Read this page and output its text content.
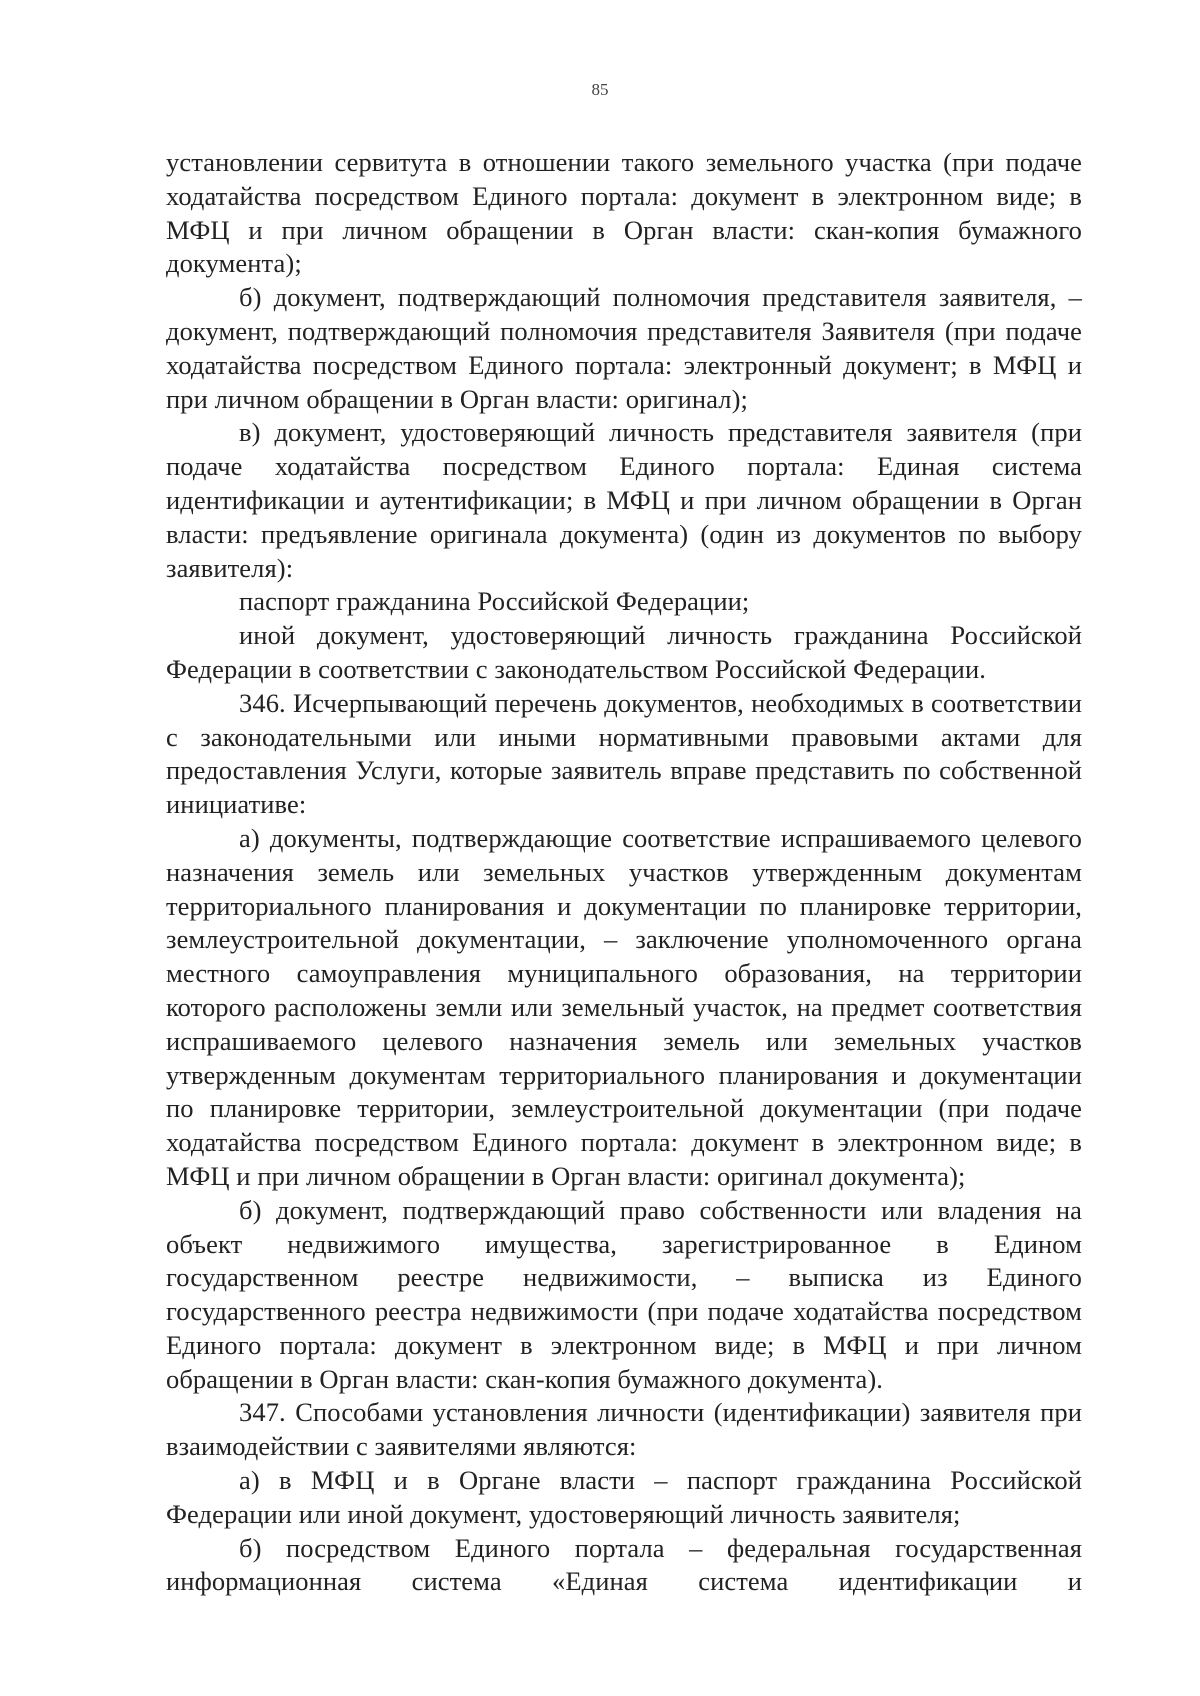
85

установлении сервитута в отношении такого земельного участка (при подаче ходатайства посредством Единого портала: документ в электронном виде; в МФЦ и при личном обращении в Орган власти: скан-копия бумажного документа);

б) документ, подтверждающий полномочия представителя заявителя, – документ, подтверждающий полномочия представителя Заявителя (при подаче ходатайства посредством Единого портала: электронный документ; в МФЦ и при личном обращении в Орган власти: оригинал);

в) документ, удостоверяющий личность представителя заявителя (при подаче ходатайства посредством Единого портала: Единая система идентификации и аутентификации; в МФЦ и при личном обращении в Орган власти: предъявление оригинала документа) (один из документов по выбору заявителя):

паспорт гражданина Российской Федерации;

иной документ, удостоверяющий личность гражданина Российской Федерации в соответствии с законодательством Российской Федерации.

346. Исчерпывающий перечень документов, необходимых в соответствии с законодательными или иными нормативными правовыми актами для предоставления Услуги, которые заявитель вправе представить по собственной инициативе:

а) документы, подтверждающие соответствие испрашиваемого целевого назначения земель или земельных участков утвержденным документам территориального планирования и документации по планировке территории, землеустроительной документации, – заключение уполномоченного органа местного самоуправления муниципального образования, на территории которого расположены земли или земельный участок, на предмет соответствия испрашиваемого целевого назначения земель или земельных участков утвержденным документам территориального планирования и документации по планировке территории, землеустроительной документации (при подаче ходатайства посредством Единого портала: документ в электронном виде; в МФЦ и при личном обращении в Орган власти: оригинал документа);

б) документ, подтверждающий право собственности или владения на объект недвижимого имущества, зарегистрированное в Едином государственном реестре недвижимости, – выписка из Единого государственного реестра недвижимости (при подаче ходатайства посредством Единого портала: документ в электронном виде; в МФЦ и при личном обращении в Орган власти: скан-копия бумажного документа).

347. Способами установления личности (идентификации) заявителя при взаимодействии с заявителями являются:

а) в МФЦ и в Органе власти – паспорт гражданина Российской Федерации или иной документ, удостоверяющий личность заявителя;

б) посредством Единого портала – федеральная государственная информационная система «Единая система идентификации и
